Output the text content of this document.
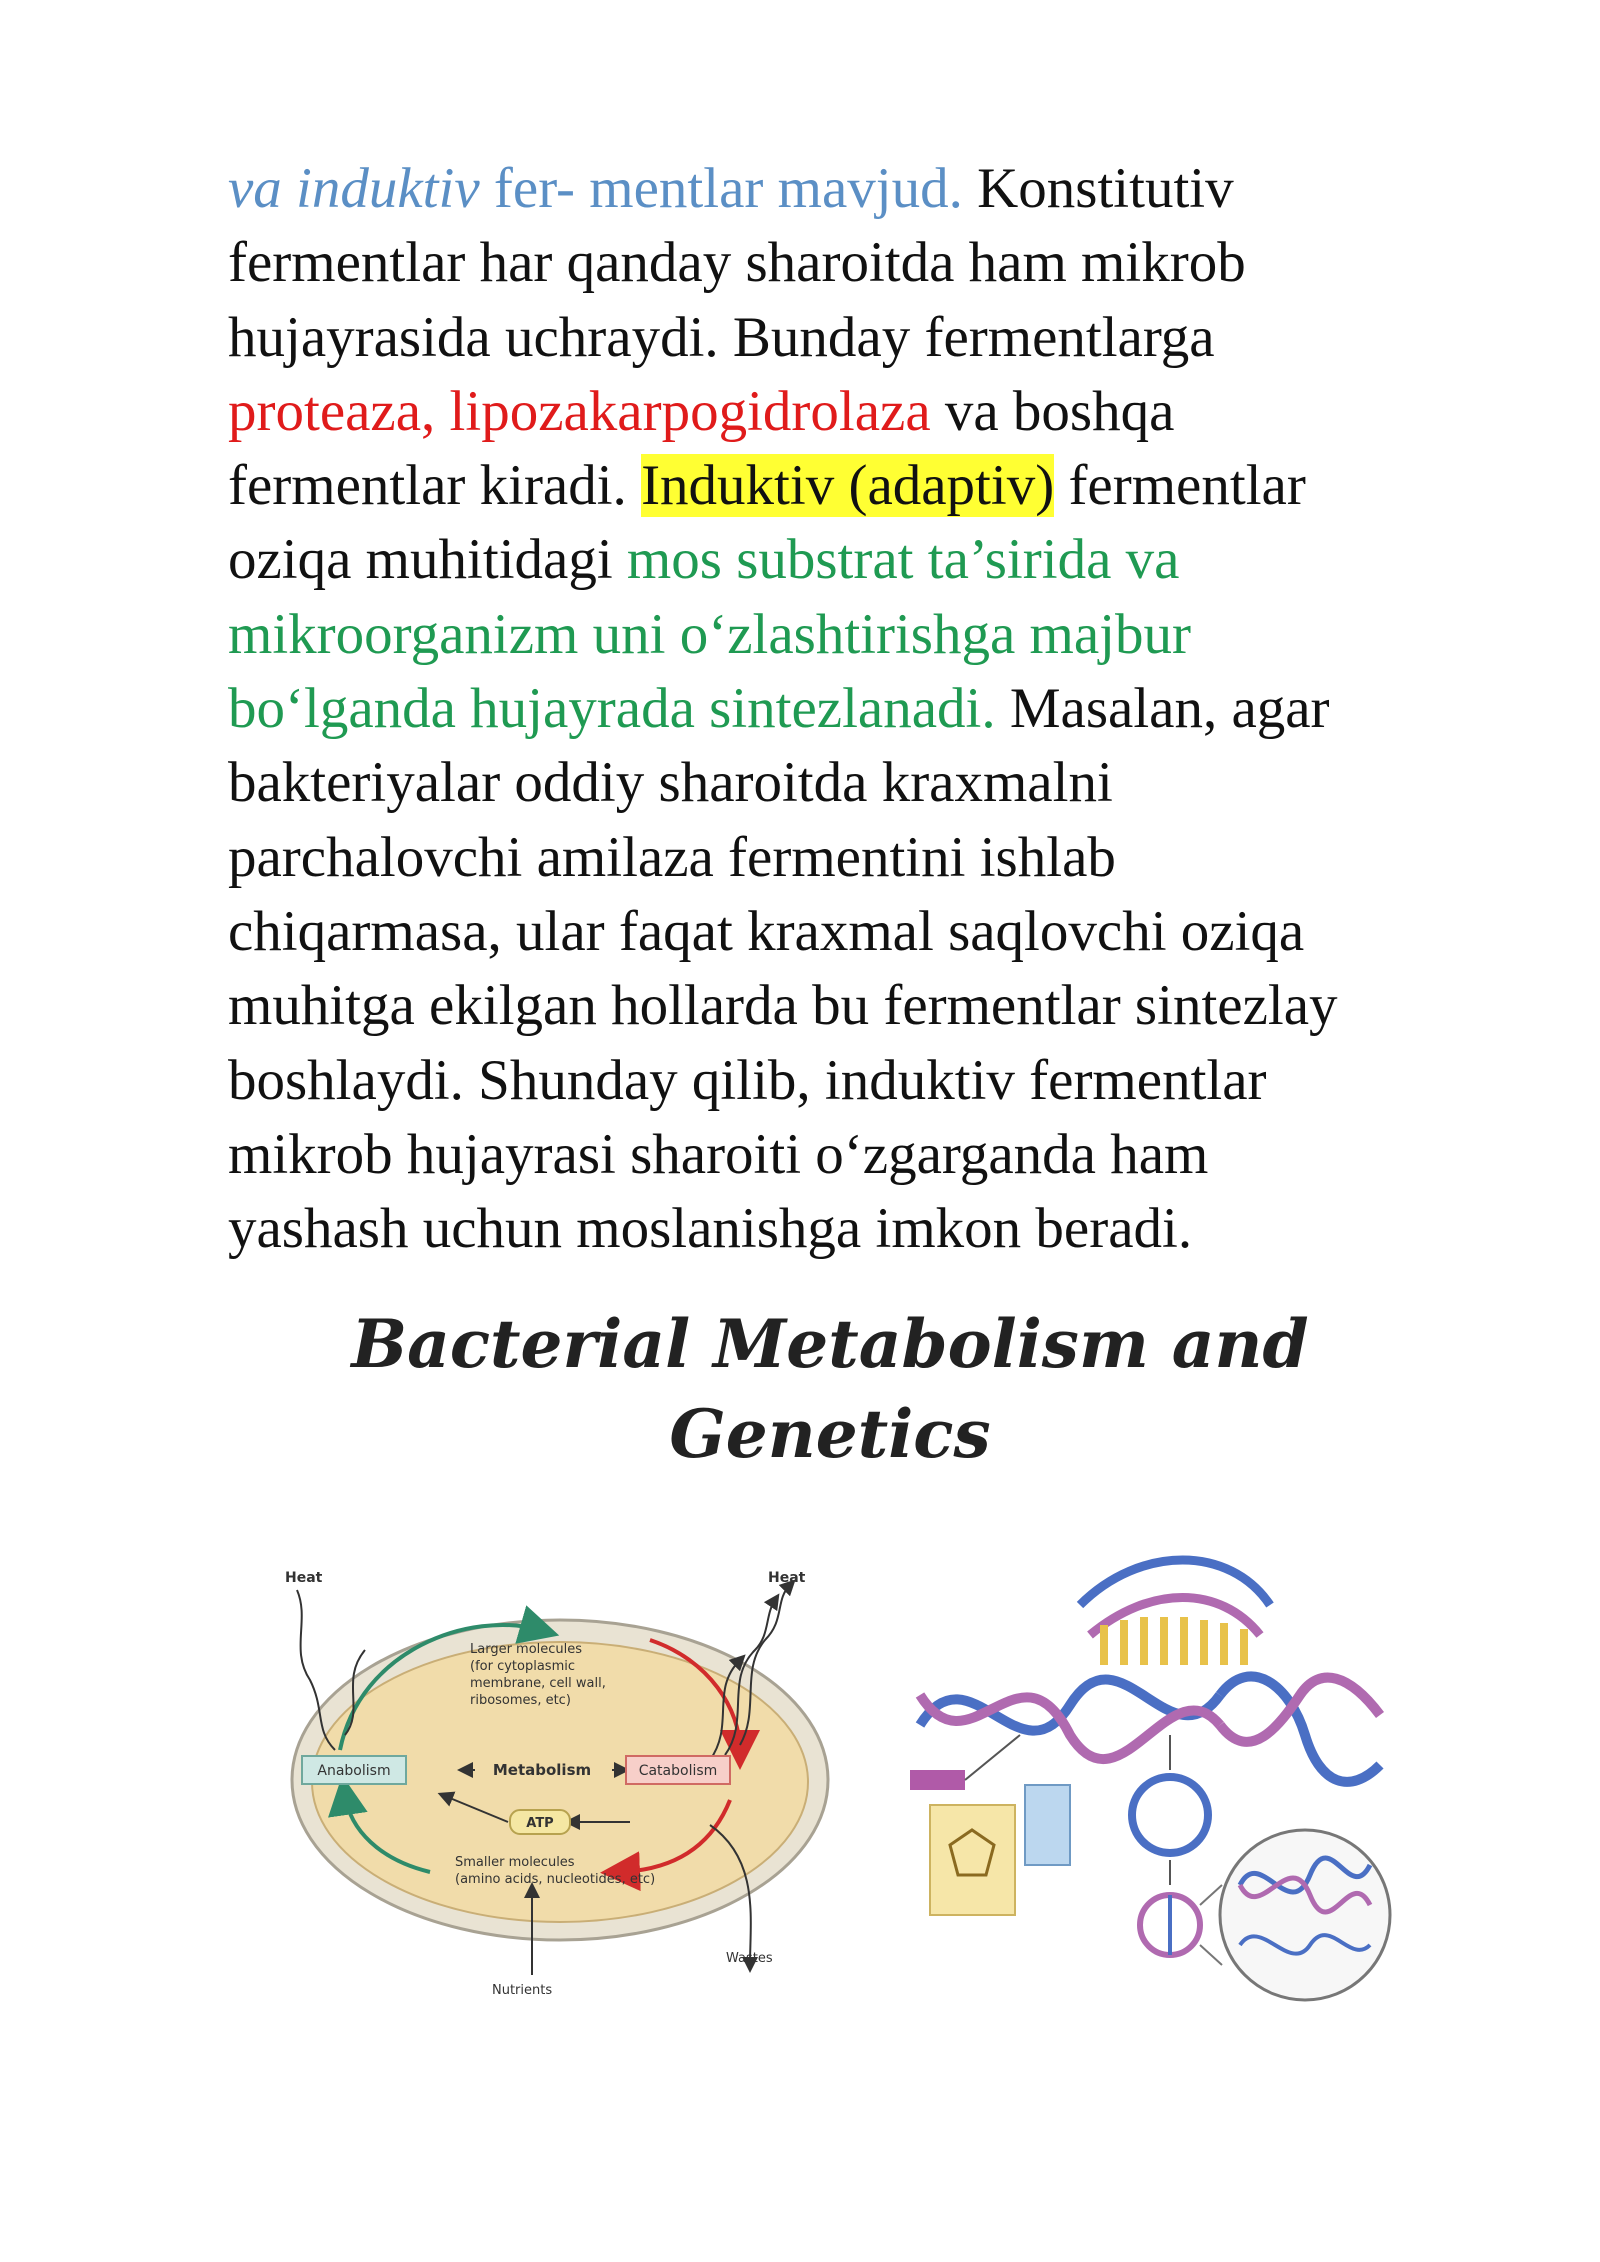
va induktiv fer- mentlar mavjud. Konstitutiv
fermentlar har qanday sharoitda ham mikrob
hujayrasida uchraydi. Bunday fermentlarga
proteaza, lipozakarpogidrolaza va boshqa
fermentlar kiradi. Induktiv (adaptiv) fermentlar
oziqa muhitidagi mos substrat ta’sirida va
mikroorganizm uni o‘zlashtirishga majbur
bo‘lganda hujayrada sintezlanadi. Masalan, agar
bakteriyalar oddiy sharoitda kraxmalni
parchalovchi amilaza fermentini ishlab
chiqarmasa, ular faqat kraxmal saqlovchi oziqa
muhitga ekilgan hollarda bu fermentlar sintezlay
boshlaydi. Shunday qilib, induktiv fermentlar
mikrob hujayrasi sharoiti o‘zgarganda ham
yashash uchun moslanishga imkon beradi.
Bacterial Metabolism and
Genetics
Heat	Heat
Larger molecules
(for cytoplasmic
membrane, cell wall,
ribosomes, etc)
Anabolism	Metabolism	Catabolism
ATP
Smaller molecules
(amino acids, nucleotides, etc)
Wastes
Nutrients
